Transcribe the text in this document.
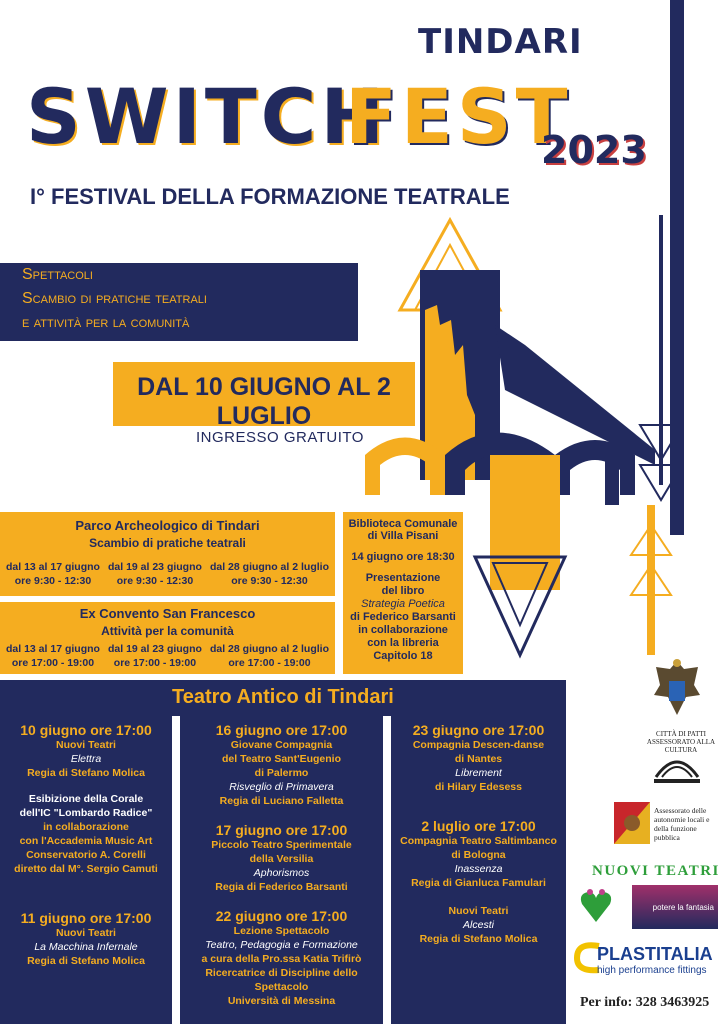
TINDARI
SWITCH
FEST
2023
I° FESTIVAL DELLA FORMAZIONE TEATRALE
Spettacoli
Scambio di pratiche teatrali
e attività per la comunità
DAL 10 GIUGNO AL 2 LUGLIO
INGRESSO GRATUITO
Parco Archeologico di Tindari
Scambio di pratiche teatrali
dal 13 al 17 giugno
ore 9:30 - 12:30
dal 19 al 23 giugno
ore 9:30 - 12:30
dal 28 giugno al 2 luglio
ore 9:30 - 12:30
Ex Convento San Francesco
Attività per la comunità
dal 13 al 17 giugno
ore 17:00 - 19:00
dal 19 al 23 giugno
ore 17:00 - 19:00
dal 28 giugno al 2 luglio
ore 17:00 - 19:00
Biblioteca Comunale
di Villa Pisani
14 giugno ore 18:30
Presentazione
del libro
Strategia Poetica
di Federico Barsanti
in collaborazione
con la libreria
Capitolo 18
Teatro Antico di Tindari
10 giugno ore 17:00
Nuovi Teatri
Elettra
Regia di Stefano Molica
Esibizione della Corale
dell'IC "Lombardo Radice"
in collaborazione
con l'Accademia Music Art
Conservatorio A. Corelli
diretto dal M°. Sergio Camuti
11 giugno ore 17:00
Nuovi Teatri
La Macchina Infernale
Regia di Stefano Molica
16 giugno ore 17:00
Giovane Compagnia
del Teatro Sant'Eugenio
di Palermo
Risveglio di Primavera
Regia di Luciano Falletta
17 giugno ore 17:00
Piccolo Teatro Sperimentale
della Versilia
Aphorismos
Regia di Federico Barsanti
22 giugno ore 17:00
Lezione Spettacolo
Teatro, Pedagogia e Formazione
a cura della Pro.ssa Katia Trifirò
Ricercatrice di Discipline dello Spettacolo
Università di Messina
23 giugno ore 17:00
Compagnia Descen-danse
di Nantes
Librement
di Hilary Edesess
2 luglio ore 17:00
Compagnia Teatro Saltimbanco
di Bologna
Inassenza
Regia di Gianluca Famulari
Nuovi Teatri
Alcesti
Regia di Stefano Molica
CITTÀ DI PATTI
ASSESSORATO ALLA CULTURA
Assessorato delle
autonomie locali e
della funzione
pubblica
NUOVI TEATRI
potere la fantasia
PLASTITALIA
high performance fittings
Per info: 328 3463925
